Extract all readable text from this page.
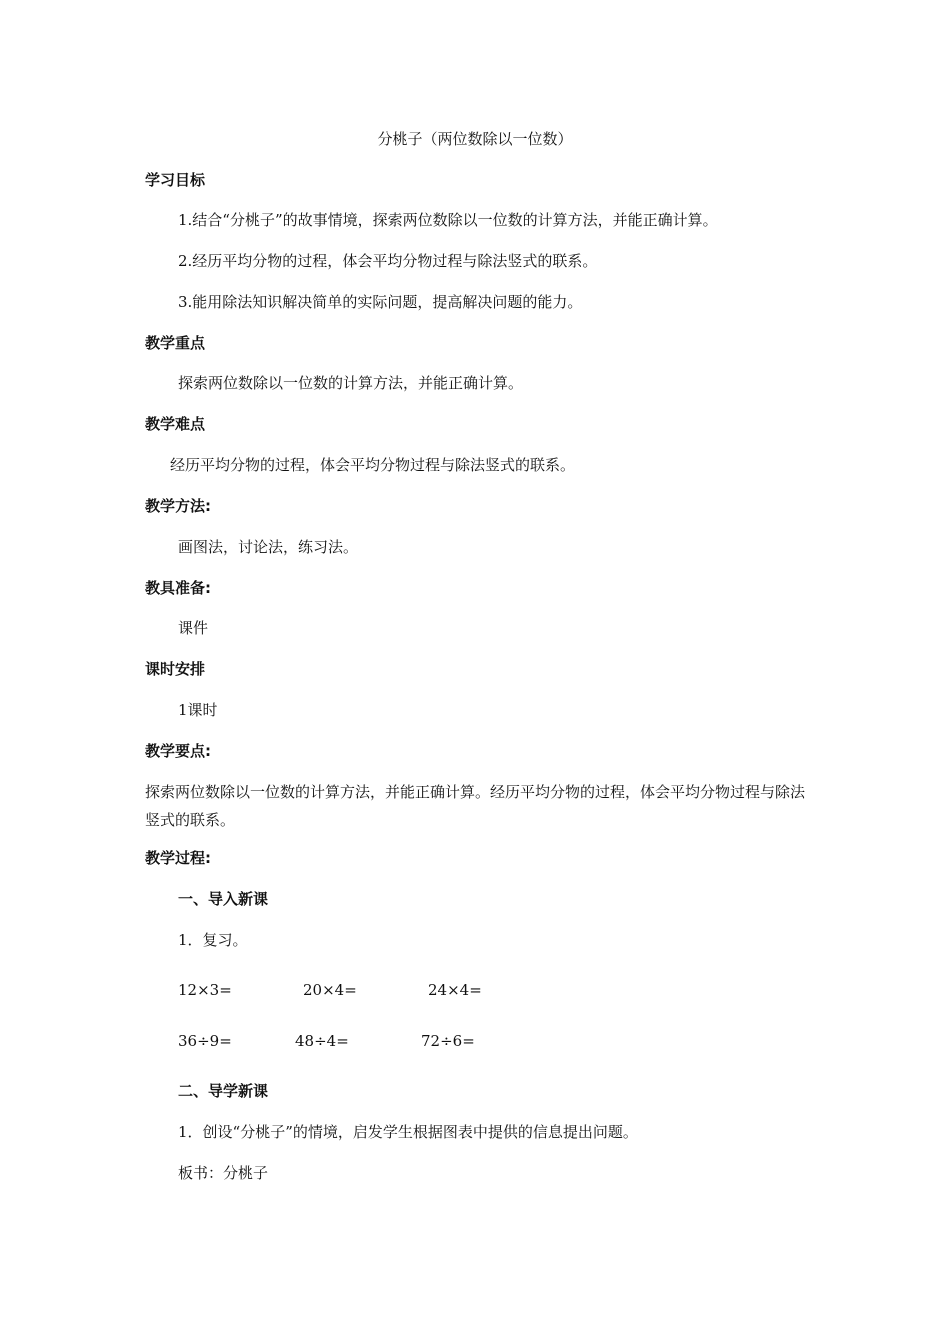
分桃子（两位数除以一位数）
学习目标
1.结合“分桃子”的故事情境，探索两位数除以一位数的计算方法，并能正确计算。
2.经历平均分物的过程，体会平均分物过程与除法竖式的联系。
3.能用除法知识解决简单的实际问题，提高解决问题的能力。
教学重点
探索两位数除以一位数的计算方法，并能正确计算。
教学难点
经历平均分物的过程，体会平均分物过程与除法竖式的联系。
教学方法:
画图法，讨论法，练习法。
教具准备:
课件
课时安排
1课时
教学要点:
探索两位数除以一位数的计算方法，并能正确计算。经历平均分物的过程，体会平均分物过程与除法竖式的联系。
教学过程:
一、导入新课
1．复习。
12×3=	20×4=	24×4=
36÷9=	48÷4=	72÷6=
二、导学新课
1．创设“分桃子”的情境，启发学生根据图表中提供的信息提出问题。
板书：分桃子
